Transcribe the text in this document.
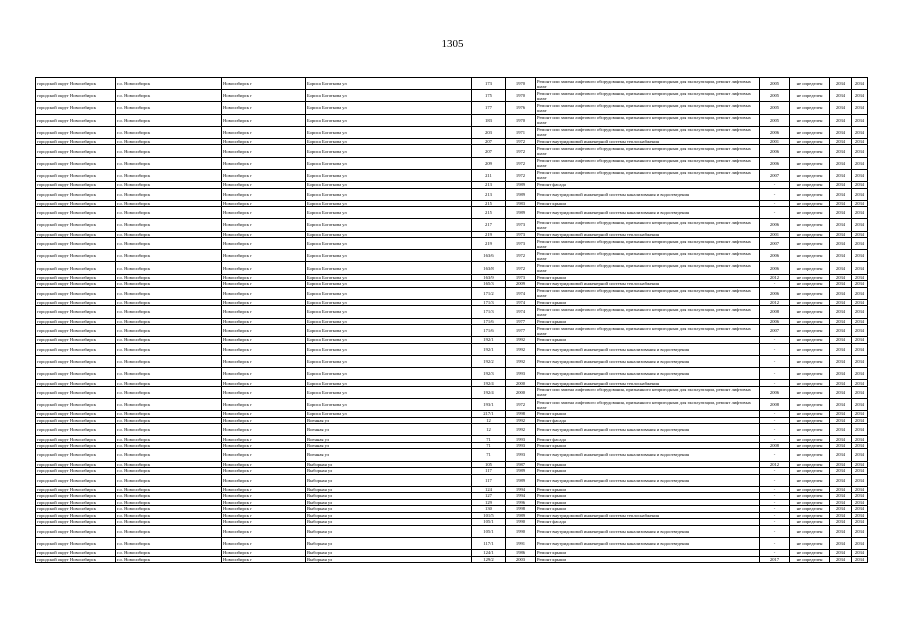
1305
городской округ Новосибирск	г.о. Новосибирск	Новосибирск г	Бориса Богаткова ул	173	1970	Ремонт или замена лифтового оборудования, признанного непригодным для эксплуатации, ремонт лифтовых шахт	2005	не определен	2034	2034
городской округ Новосибирск	г.о. Новосибирск	Новосибирск г	Бориса Богаткова ул	175	1970	Ремонт или замена лифтового оборудования, признанного непригодным для эксплуатации, ремонт лифтовых шахт	2005	не определен	2034	2034
городской округ Новосибирск	г.о. Новосибирск	Новосибирск г	Бориса Богаткова ул	177	1976	Ремонт или замена лифтового оборудования, признанного непригодным для эксплуатации, ремонт лифтовых шахт	2005	не определен	2034	2034
городской округ Новосибирск	г.о. Новосибирск	Новосибирск г	Бориса Богаткова ул	183	1970	Ремонт или замена лифтового оборудования, признанного непригодным для эксплуатации, ремонт лифтовых шахт	2005	не определен	2034	2034
городской округ Новосибирск	г.о. Новосибирск	Новосибирск г	Бориса Богаткова ул	203	1971	Ремонт или замена лифтового оборудования, признанного непригодным для эксплуатации, ремонт лифтовых шахт	2006	не определен	2034	2034
городской округ Новосибирск	г.о. Новосибирск	Новосибирск г	Бориса Богаткова ул	207	1972	Ремонт внутридомовой инженерной системы теплоснабжения	2001	не определен	2034	2034
городской округ Новосибирск	г.о. Новосибирск	Новосибирск г	Бориса Богаткова ул	207	1972	Ремонт или замена лифтового оборудования, признанного непригодным для эксплуатации, ремонт лифтовых шахт	2006	не определен	2034	2034
городской округ Новосибирск	г.о. Новосибирск	Новосибирск г	Бориса Богаткова ул	209	1972	Ремонт или замена лифтового оборудования, признанного непригодным для эксплуатации, ремонт лифтовых шахт	2006	не определен	2034	2034
городской округ Новосибирск	г.о. Новосибирск	Новосибирск г	Бориса Богаткова ул	211	1972	Ремонт или замена лифтового оборудования, признанного непригодным для эксплуатации, ремонт лифтовых шахт	2007	не определен	2034	2034
городской округ Новосибирск	г.о. Новосибирск	Новосибирск г	Бориса Богаткова ул	213	1989	Ремонт фасада	-	не определен	2034	2034
городской округ Новосибирск	г.о. Новосибирск	Новосибирск г	Бориса Богаткова ул	213	1989	Ремонт внутридомовой инженерной системы канализования и водоотведения	-	не определен	2034	2034
городской округ Новосибирск	г.о. Новосибирск	Новосибирск г	Бориса Богаткова ул	215	1983	Ремонт крыши	-	не определен	2034	2034
городской округ Новосибирск	г.о. Новосибирск	Новосибирск г	Бориса Богаткова ул	215	1989	Ремонт внутридомовой инженерной системы канализования и водоотведения	-	не определен	2034	2034
городской округ Новосибирск	г.о. Новосибирск	Новосибирск г	Бориса Богаткова ул	217	1973	Ремонт или замена лифтового оборудования, признанного непригодным для эксплуатации, ремонт лифтовых шахт	2006	не определен	2034	2034
городской округ Новосибирск	г.о. Новосибирск	Новосибирск г	Бориса Богаткова ул	219	1973	Ремонт внутридомовой инженерной системы теплоснабжения	2001	не определен	2034	2034
городской округ Новосибирск	г.о. Новосибирск	Новосибирск г	Бориса Богаткова ул	219	1973	Ремонт или замена лифтового оборудования, признанного непригодным для эксплуатации, ремонт лифтовых шахт	2007	не определен	2034	2034
городской округ Новосибирск	г.о. Новосибирск	Новосибирск г	Бориса Богаткова ул	163/6	1972	Ремонт или замена лифтового оборудования, признанного непригодным для эксплуатации, ремонт лифтовых шахт	2006	не определен	2034	2034
городской округ Новосибирск	г.о. Новосибирск	Новосибирск г	Бориса Богаткова ул	163/8	1972	Ремонт или замена лифтового оборудования, признанного непригодным для эксплуатации, ремонт лифтовых шахт	2006	не определен	2034	2034
городской округ Новосибирск	г.о. Новосибирск	Новосибирск г	Бориса Богаткова ул	163/9	1973	Ремонт крыши	2012	не определен	2034	2034
городской округ Новосибирск	г.о. Новосибирск	Новосибирск г	Бориса Богаткова ул	165/3	2009	Ремонт внутридомовой инженерной системы теплоснабжения	-	не определен	2034	2034
городской округ Новосибирск	г.о. Новосибирск	Новосибирск г	Бориса Богаткова ул	171/2	1974	Ремонт или замена лифтового оборудования, признанного непригодным для эксплуатации, ремонт лифтовых шахт	2006	не определен	2034	2034
городской округ Новосибирск	г.о. Новосибирск	Новосибирск г	Бориса Богаткова ул	171/3	1974	Ремонт крыши	2012	не определен	2034	2034
городской округ Новосибирск	г.о. Новосибирск	Новосибирск г	Бориса Богаткова ул	171/3	1974	Ремонт или замена лифтового оборудования, признанного непригодным для эксплуатации, ремонт лифтовых шахт	2008	не определен	2034	2034
городской округ Новосибирск	г.о. Новосибирск	Новосибирск г	Бориса Богаткова ул	171/6	1977	Ремонт крыши	2006	не определен	2034	2034
городской округ Новосибирск	г.о. Новосибирск	Новосибирск г	Бориса Богаткова ул	171/6	1977	Ремонт или замена лифтового оборудования, признанного непригодным для эксплуатации, ремонт лифтовых шахт	2007	не определен	2034	2034
городской округ Новосибирск	г.о. Новосибирск	Новосибирск г	Бориса Богаткова ул	192/1	1992	Ремонт крыши	-	не определен	2034	2034
городской округ Новосибирск	г.о. Новосибирск	Новосибирск г	Бориса Богаткова ул	192/1	1992	Ремонт внутридомовой инженерной системы канализования и водоотведения	-	не определен	2034	2034
городской округ Новосибирск	г.о. Новосибирск	Новосибирск г	Бориса Богаткова ул	192/2	1992	Ремонт внутридомовой инженерной системы канализования и водоотведения	-	не определен	2034	2034
городской округ Новосибирск	г.о. Новосибирск	Новосибирск г	Бориса Богаткова ул	192/3	1993	Ремонт внутридомовой инженерной системы канализования и водоотведения	-	не определен	2034	2034
городской округ Новосибирск	г.о. Новосибирск	Новосибирск г	Бориса Богаткова ул	192/4	2000	Ремонт внутридомовой инженерной системы теплоснабжения	-	не определен	2034	2034
городской округ Новосибирск	г.о. Новосибирск	Новосибирск г	Бориса Богаткова ул	192/4	2000	Ремонт или замена лифтового оборудования, признанного непригодным для эксплуатации, ремонт лифтовых шахт	2006	не определен	2034	2034
городской округ Новосибирск	г.о. Новосибирск	Новосибирск г	Бориса Богаткова ул	193/1	1972	Ремонт или замена лифтового оборудования, признанного непригодным для эксплуатации, ремонт лифтовых шахт	2008	не определен	2034	2034
городской округ Новосибирск	г.о. Новосибирск	Новосибирск г	Бориса Богаткова ул	217/1	1998	Ремонт крыши	-	не определен	2034	2034
городской округ Новосибирск	г.о. Новосибирск	Новосибирск г	Военная ул	12	1992	Ремонт фасада	-	не определен	2034	2034
городской округ Новосибирск	г.о. Новосибирск	Новосибирск г	Военная ул	12	1992	Ремонт внутридомовой инженерной системы канализования и водоотведения	-	не определен	2034	2034
городской округ Новосибирск	г.о. Новосибирск	Новосибирск г	Военная ул	71	1993	Ремонт фасада	-	не определен	2034	2034
городской округ Новосибирск	г.о. Новосибирск	Новосибирск г	Военная ул	71	1993	Ремонт крыши	2008	не определен	2034	2034
городской округ Новосибирск	г.о. Новосибирск	Новосибирск г	Военная ул	71	1993	Ремонт внутридомовой инженерной системы канализования и водоотведения	-	не определен	2034	2034
городской округ Новосибирск	г.о. Новосибирск	Новосибирск г	Выборная ул	105	1987	Ремонт крыши	2012	не определен	2034	2034
городской округ Новосибирск	г.о. Новосибирск	Новосибирск г	Выборная ул	117	1989	Ремонт крыши	-	не определен	2034	2034
городской округ Новосибирск	г.о. Новосибирск	Новосибирск г	Выборная ул	117	1989	Ремонт внутридомовой инженерной системы канализования и водоотведения	-	не определен	2034	2034
городской округ Новосибирск	г.о. Новосибирск	Новосибирск г	Выборная ул	124	1994	Ремонт крыши	-	не определен	2034	2034
городской округ Новосибирск	г.о. Новосибирск	Новосибирск г	Выборная ул	127	1994	Ремонт крыши	-	не определен	2034	2034
городской округ Новосибирск	г.о. Новосибирск	Новосибирск г	Выборная ул	129	1996	Ремонт крыши	-	не определен	2034	2034
городской округ Новосибирск	г.о. Новосибирск	Новосибирск г	Выборная ул	130	1998	Ремонт крыши	-	не определен	2034	2034
городской округ Новосибирск	г.о. Новосибирск	Новосибирск г	Выборная ул	101/5	1989	Ремонт внутридомовой инженерной системы теплоснабжения	-	не определен	2034	2034
городской округ Новосибирск	г.о. Новосибирск	Новосибирск г	Выборная ул	105/1	1990	Ремонт фасада	-	не определен	2034	2034
городской округ Новосибирск	г.о. Новосибирск	Новосибирск г	Выборная ул	105/1	1990	Ремонт внутридомовой инженерной системы канализования и водоотведения	-	не определен	2034	2034
городской округ Новосибирск	г.о. Новосибирск	Новосибирск г	Выборная ул	117/1	1991	Ремонт внутридомовой инженерной системы канализования и водоотведения	-	не определен	2034	2034
городской округ Новосибирск	г.о. Новосибирск	Новосибирск г	Выборная ул	124/1	1986	Ремонт крыши	-	не определен	2034	2034
городской округ Новосибирск	г.о. Новосибирск	Новосибирск г	Выборная ул	129/2	2003	Ремонт крыши	2017	не определен	2034	2034
